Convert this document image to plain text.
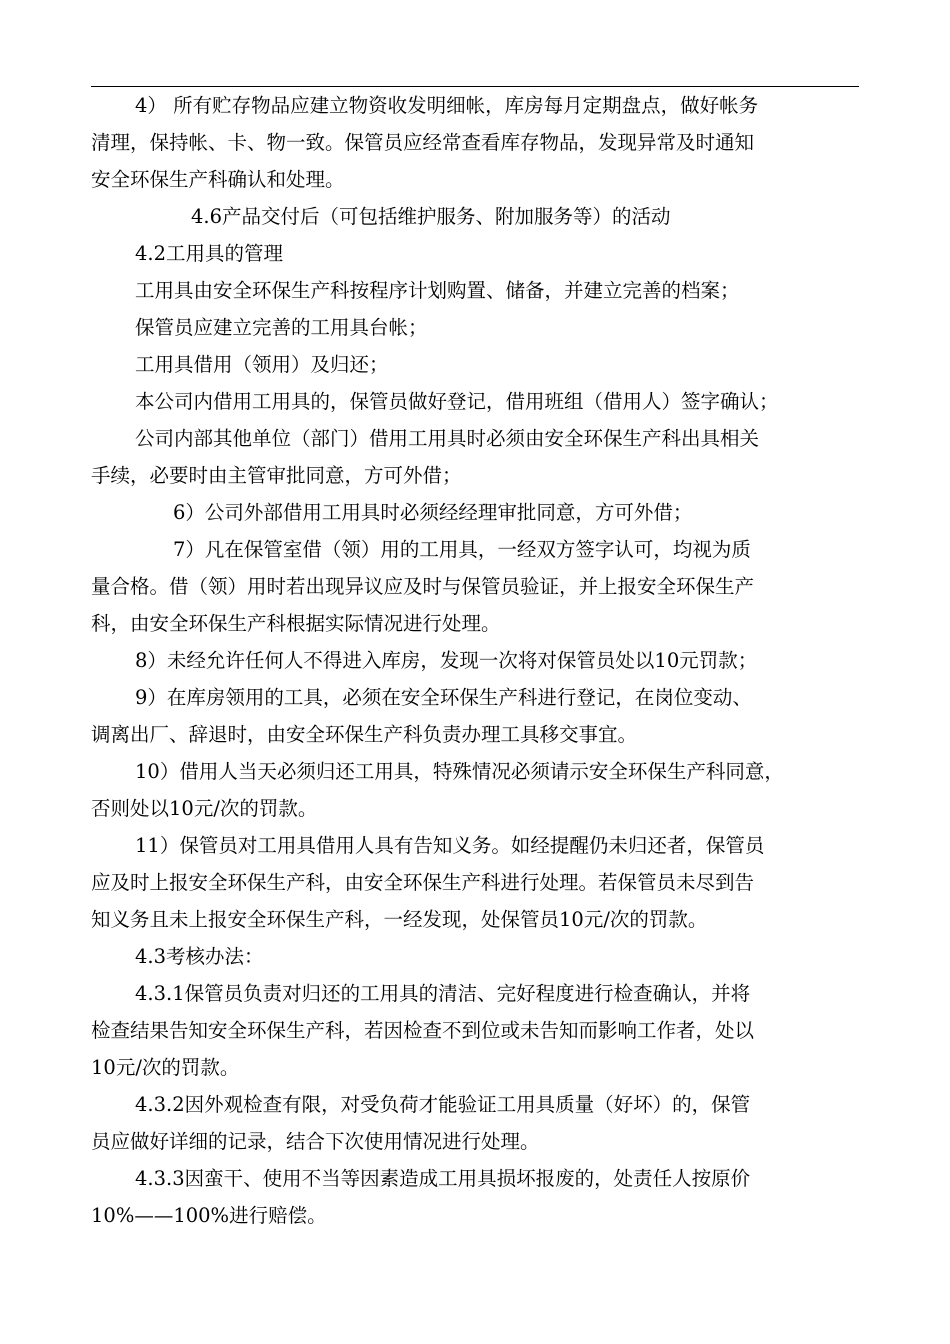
4） 所有贮存物品应建立物资收发明细帐，库房每月定期盘点，做好帐务

清理，保持帐、卡、物一致。保管员应经常查看库存物品，发现异常及时通知

安全环保生产科确认和处理。

4.6产品交付后（可包括维护服务、附加服务等）的活动

4.2工用具的管理

工用具由安全环保生产科按程序计划购置、储备，并建立完善的档案；

保管员应建立完善的工用具台帐；

工用具借用（领用）及归还；

本公司内借用工用具的，保管员做好登记，借用班组（借用人）签字确认；

公司内部其他单位（部门）借用工用具时必须由安全环保生产科出具相关

手续，必要时由主管审批同意，方可外借；

6）公司外部借用工用具时必须经经理审批同意，方可外借；

7）凡在保管室借（领）用的工用具，一经双方签字认可，均视为质

量合格。借（领）用时若出现异议应及时与保管员验证，并上报安全环保生产

科，由安全环保生产科根据实际情况进行处理。

8）未经允许任何人不得进入库房，发现一次将对保管员处以10元罚款；

9）在库房领用的工具，必须在安全环保生产科进行登记，在岗位变动、

调离出厂、辞退时，由安全环保生产科负责办理工具移交事宜。

10）借用人当天必须归还工用具，特殊情况必须请示安全环保生产科同意，

否则处以10元/次的罚款。

11）保管员对工用具借用人具有告知义务。如经提醒仍未归还者，保管员

应及时上报安全环保生产科，由安全环保生产科进行处理。若保管员未尽到告

知义务且未上报安全环保生产科，一经发现，处保管员10元/次的罚款。

4.3考核办法：

4.3.1保管员负责对归还的工用具的清洁、完好程度进行检查确认，并将

检查结果告知安全环保生产科，若因检查不到位或未告知而影响工作者，处以

10元/次的罚款。

4.3.2因外观检查有限，对受负荷才能验证工用具质量（好坏）的，保管

员应做好详细的记录，结合下次使用情况进行处理。

4.3.3因蛮干、使用不当等因素造成工用具损坏报废的，处责任人按原价

10%——100%进行赔偿。
